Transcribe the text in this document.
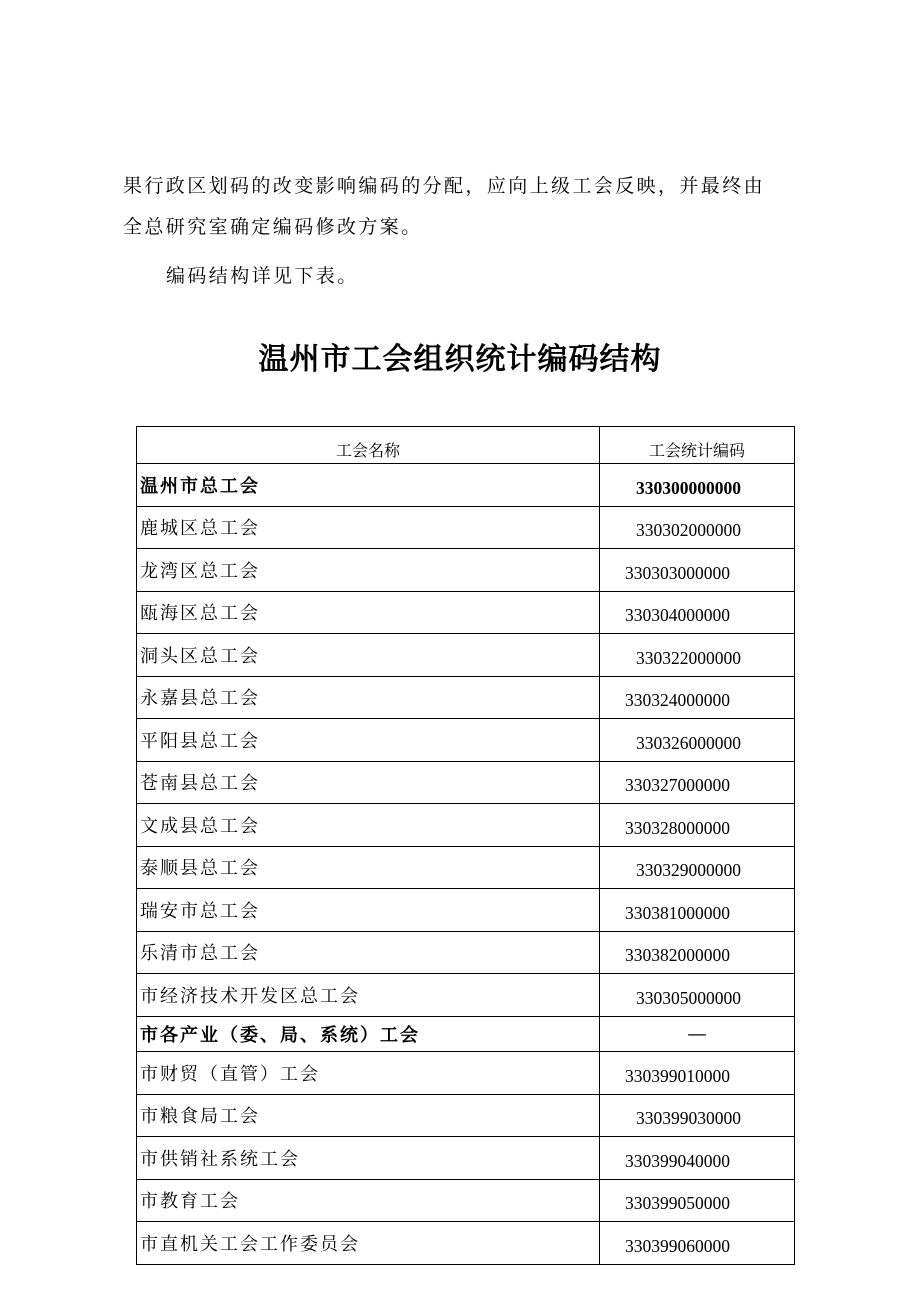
果行政区划码的改变影响编码的分配，应向上级工会反映，并最终由
全总研究室确定编码修改方案。

编码结构详见下表。

温州市工会组织统计编码结构
工会名称	工会统计编码
温州市总工会	330300000000
鹿城区总工会	330302000000
龙湾区总工会	330303000000
瓯海区总工会	330304000000
洞头区总工会	330322000000
永嘉县总工会	330324000000
平阳县总工会	330326000000
苍南县总工会	330327000000
文成县总工会	330328000000
泰顺县总工会	330329000000
瑞安市总工会	330381000000
乐清市总工会	330382000000
市经济技术开发区总工会	330305000000
市各产业（委、局、系统）工会	—
市财贸（直管）工会	330399010000
市粮食局工会	330399030000
市供销社系统工会	330399040000
市教育工会	330399050000
市直机关工会工作委员会	330399060000
